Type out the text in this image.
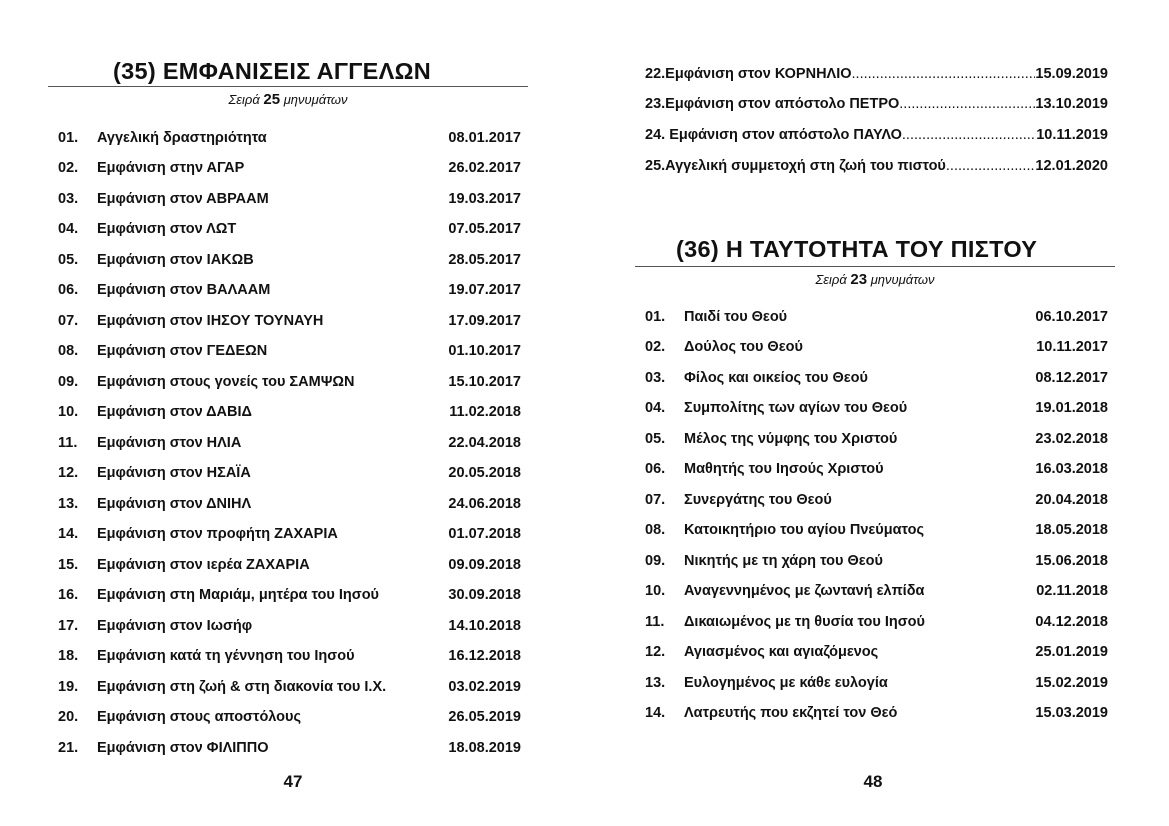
(35) ΕΜΦΑΝΙΣΕΙΣ ΑΓΓΕΛΩΝ
Σειρά 25 μηνυμάτων
01.	Αγγελική δραστηριότητα	08.01.2017
02.	Εμφάνιση στην ΑΓΑΡ	26.02.2017
03.	Εμφάνιση στον ΑΒΡΑΑΜ	19.03.2017
04.	Εμφάνιση στον ΛΩΤ	07.05.2017
05.	Εμφάνιση στον ΙΑΚΩΒ	28.05.2017
06.	Εμφάνιση στον ΒΑΛΑΑΜ	19.07.2017
07.	Εμφάνιση στον ΙΗΣΟΥ ΤΟΥΝΑΥΗ	17.09.2017
08.	Εμφάνιση στον ΓΕΔΕΩΝ	01.10.2017
09.	Εμφάνιση στους γονείς του ΣΑΜΨΩΝ	15.10.2017
10.	Εμφάνιση στον ΔΑΒΙΔ	11.02.2018
11.	Εμφάνιση στον ΗΛΙΑ	22.04.2018
12.	Εμφάνιση στον ΗΣΑΪΑ	20.05.2018
13.	Εμφάνιση στον ΔΝΙΗΛ	24.06.2018
14.	Εμφάνιση στον προφήτη ΖΑΧΑΡΙΑ	01.07.2018
15.	Εμφάνιση στον ιερέα ΖΑΧΑΡΙΑ	09.09.2018
16.	Εμφάνιση στη Μαριάμ, μητέρα του Ιησού	30.09.2018
17.	Εμφάνιση στον Ιωσήφ	14.10.2018
18.	Εμφάνιση κατά τη γέννηση του Ιησού	16.12.2018
19.	Εμφάνιση στη ζωή & στη διακονία του Ι.Χ.	03.02.2019
20.	Εμφάνιση στους αποστόλους	26.05.2019
21.	Εμφάνιση στον ΦΙΛΙΠΠΟ	18.08.2019
47
22. Εμφάνιση στον ΚΟΡΝΗΛΙΟ .....	15.09.2019
23. Εμφάνιση στον απόστολο ΠΕΤΡΟ .....	13.10.2019
24. Εμφάνιση στον απόστολο ΠΑΥΛΟ .....	10.11.2019
25. Αγγελική συμμετοχή στη ζωή του πιστού .....	12.01.2020
(36) Η ΤΑΥΤΟΤΗΤΑ ΤΟΥ ΠΙΣΤΟΥ
Σειρά 23 μηνυμάτων
01.	Παιδί του Θεού	06.10.2017
02.	Δούλος του Θεού	10.11.2017
03.	Φίλος και οικείος του Θεού	08.12.2017
04.	Συμπολίτης των αγίων του Θεού	19.01.2018
05.	Μέλος της νύμφης του Χριστού	23.02.2018
06.	Μαθητής του Ιησούς Χριστού	16.03.2018
07.	Συνεργάτης του Θεού	20.04.2018
08.	Κατοικητήριο του αγίου Πνεύματος	18.05.2018
09.	Νικητής με τη χάρη του Θεού	15.06.2018
10.	Αναγεννημένος με ζωντανή ελπίδα	02.11.2018
11.	Δικαιωμένος με τη θυσία του Ιησού	04.12.2018
12.	Αγιασμένος και αγιαζόμενος	25.01.2019
13.	Ευλογημένος με κάθε ευλογία	15.02.2019
14.	Λατρευτής που εκζητεί τον Θεό	15.03.2019
48
